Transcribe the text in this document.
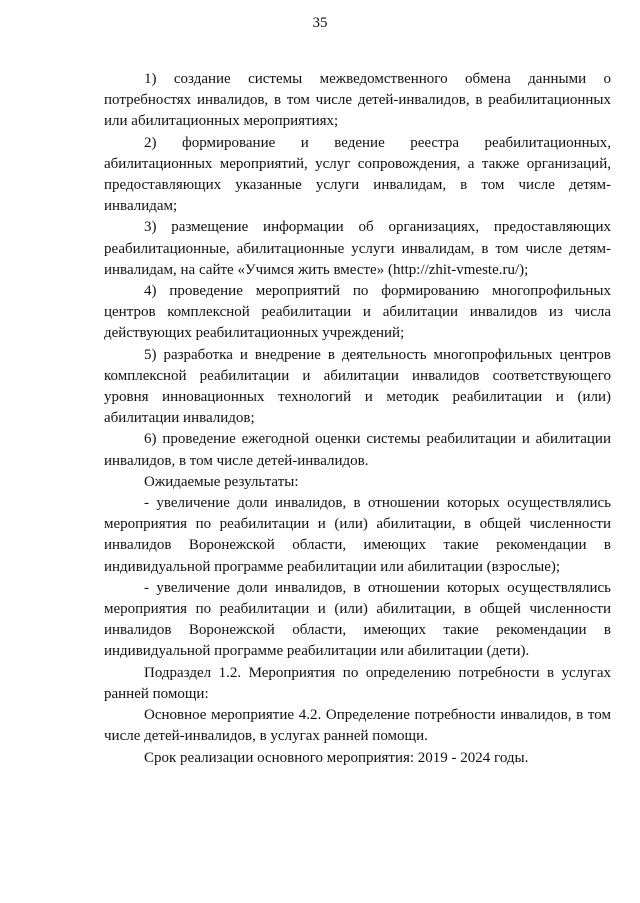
35

1) создание системы межведомственного обмена данными о потребностях инвалидов, в том числе детей-инвалидов, в реабилитационных или абилитационных мероприятиях;

2) формирование и ведение реестра реабилитационных, абилитационных мероприятий, услуг сопровождения, а также организаций, предоставляющих указанные услуги инвалидам, в том числе детям-инвалидам;

3) размещение информации об организациях, предоставляющих реабилитационные, абилитационные услуги инвалидам, в том числе детям-инвалидам, на сайте «Учимся жить вместе» (http://zhit-vmeste.ru/);

4) проведение мероприятий по формированию многопрофильных центров комплексной реабилитации и абилитации инвалидов из числа действующих реабилитационных учреждений;

5) разработка и внедрение в деятельность многопрофильных центров комплексной реабилитации и абилитации инвалидов соответствующего уровня инновационных технологий и методик реабилитации и (или) абилитации инвалидов;

6) проведение ежегодной оценки системы реабилитации и абилитации инвалидов, в том числе детей-инвалидов.

Ожидаемые результаты:

- увеличение доли инвалидов, в отношении которых осуществлялись мероприятия по реабилитации и (или) абилитации, в общей численности инвалидов Воронежской области, имеющих такие рекомендации в индивидуальной программе реабилитации или абилитации (взрослые);

- увеличение доли инвалидов, в отношении которых осуществлялись мероприятия по реабилитации и (или) абилитации, в общей численности инвалидов Воронежской области, имеющих такие рекомендации в индивидуальной программе реабилитации или абилитации (дети).

Подраздел 1.2. Мероприятия по определению потребности в услугах ранней помощи:

Основное мероприятие 4.2. Определение потребности инвалидов, в том числе детей-инвалидов, в услугах ранней помощи.

Срок реализации основного мероприятия: 2019 - 2024 годы.
